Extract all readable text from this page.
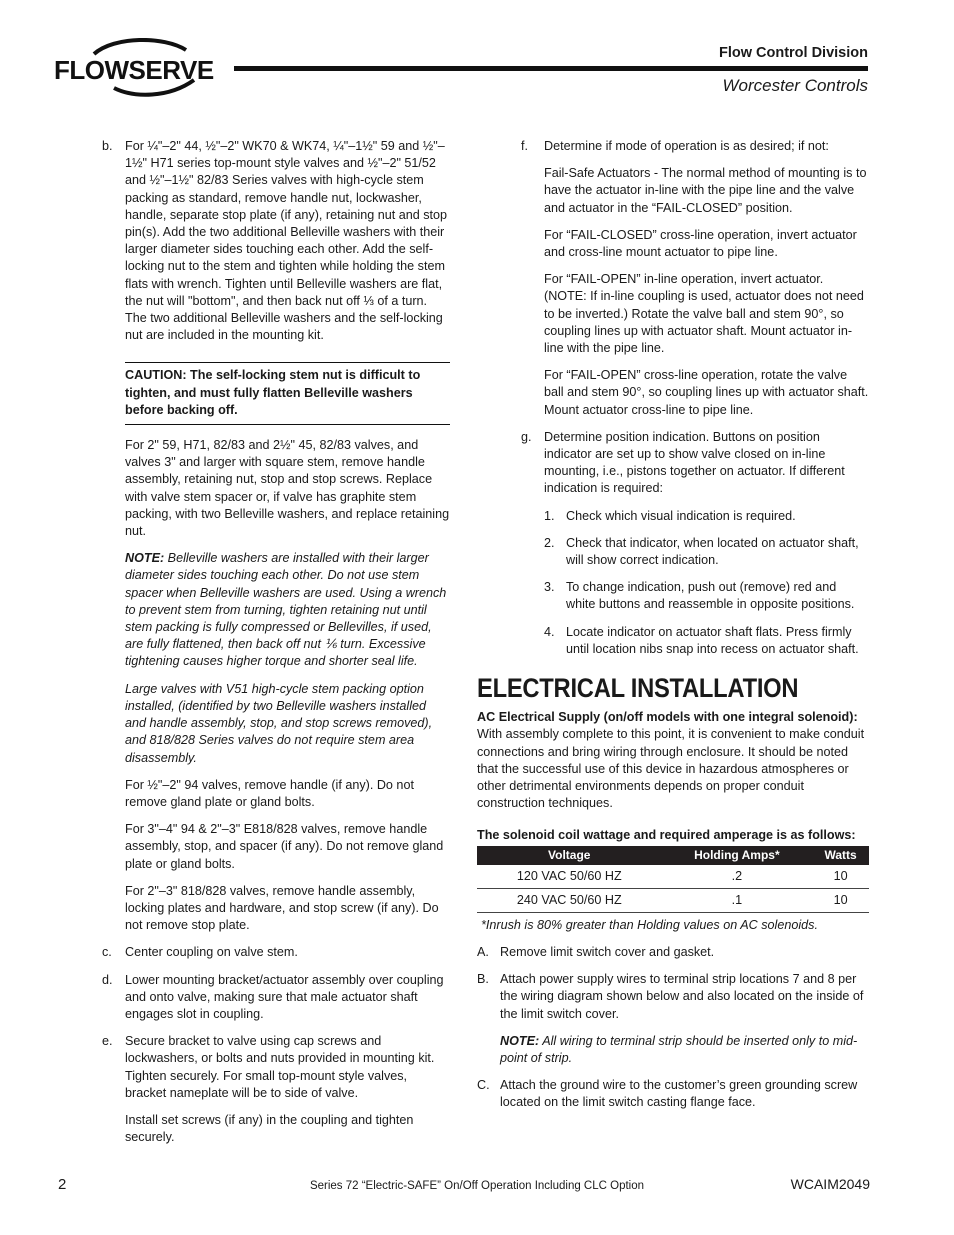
FLOWSERVE
Flow Control Division
Worcester Controls
b. For ¼"–2" 44, ½"–2" WK70 & WK74, ¼"–1½" 59 and ½"–1½" H71 series top-mount style valves and ½"–2" 51/52 and ½"–1½" 82/83 Series valves with high-cycle stem packing as standard, remove handle nut, lockwasher, handle, separate stop plate (if any), retaining nut and stop pin(s). Add the two additional Belleville washers with their larger diameter sides touching each other. Add the self-locking nut to the stem and tighten while holding the stem flats with wrench. Tighten until Belleville washers are flat, the nut will "bottom", and then back nut off ⅓ of a turn. The two additional Belleville washers and the self-locking nut are included in the mounting kit.
CAUTION: The self-locking stem nut is difficult to tighten, and must fully flatten Belleville washers before backing off.
For 2" 59, H71, 82/83 and 2½" 45, 82/83 valves, and valves 3" and larger with square stem, remove handle assembly, retaining nut, stop and stop screws. Replace with valve stem spacer or, if valve has graphite stem packing, with two Belleville washers, and replace retaining nut.
NOTE: Belleville washers are installed with their larger diameter sides touching each other. Do not use stem spacer when Belleville washers are used. Using a wrench to prevent stem from turning, tighten retaining nut until stem packing is fully compressed or Bellevilles, if used, are fully flattened, then back off nut ⅙ turn. Excessive tightening causes higher torque and shorter seal life.
Large valves with V51 high-cycle stem packing option installed, (identified by two Belleville washers installed and handle assembly, stop, and stop screws removed), and 818/828 Series valves do not require stem area disassembly.
For ½"–2" 94 valves, remove handle (if any). Do not remove gland plate or gland bolts.
For 3"–4" 94 & 2"–3" E818/828 valves, remove handle assembly, stop, and spacer (if any). Do not remove gland plate or gland bolts.
For 2"–3" 818/828 valves, remove handle assembly, locking plates and hardware, and stop screw (if any). Do not remove stop plate.
c. Center coupling on valve stem.
d. Lower mounting bracket/actuator assembly over coupling and onto valve, making sure that male actuator shaft engages slot in coupling.
e. Secure bracket to valve using cap screws and lockwashers, or bolts and nuts provided in mounting kit. Tighten securely. For small top-mount style valves, bracket nameplate will be to side of valve.
Install set screws (if any) in the coupling and tighten securely.
f. Determine if mode of operation is as desired; if not:
Fail-Safe Actuators - The normal method of mounting is to have the actuator in-line with the pipe line and the valve and actuator in the “FAIL-CLOSED” position.
For “FAIL-CLOSED” cross-line operation, invert actuator and cross-line mount actuator to pipe line.
For “FAIL-OPEN” in-line operation, invert actuator. (NOTE: If in-line coupling is used, actuator does not need to be inverted.) Rotate the valve ball and stem 90°, so coupling lines up with actuator shaft. Mount actuator in-line with the pipe line.
For “FAIL-OPEN” cross-line operation, rotate the valve ball and stem 90°, so coupling lines up with actuator shaft. Mount actuator cross-line to pipe line.
g. Determine position indication. Buttons on position indicator are set up to show valve closed on in-line mounting, i.e., pistons together on actuator. If different indication is required:
1. Check which visual indication is required.
2. Check that indicator, when located on actuator shaft, will show correct indication.
3. To change indication, push out (remove) red and white buttons and reassemble in opposite positions.
4. Locate indicator on actuator shaft flats. Press firmly until location nibs snap into recess on actuator shaft.
ELECTRICAL INSTALLATION
AC Electrical Supply (on/off models with one integral solenoid):
With assembly complete to this point, it is convenient to make conduit connections and bring wiring through enclosure. It should be noted that the successful use of this device in hazardous atmospheres or other detrimental environments depends on proper conduit construction techniques.
The solenoid coil wattage and required amperage is as follows:
Voltage	Holding Amps*	Watts
120 VAC 50/60 HZ	.2	10
240 VAC 50/60 HZ	.1	10
*Inrush is 80% greater than Holding values on AC solenoids.
A. Remove limit switch cover and gasket.
B. Attach power supply wires to terminal strip locations 7 and 8 per the wiring diagram shown below and also located on the inside of the limit switch cover.
NOTE: All wiring to terminal strip should be inserted only to mid-point of strip.
C. Attach the ground wire to the customer’s green grounding screw located on the limit switch casting flange face.
2	Series 72 “Electric-SAFE” On/Off Operation Including CLC Option	WCAIM2049
